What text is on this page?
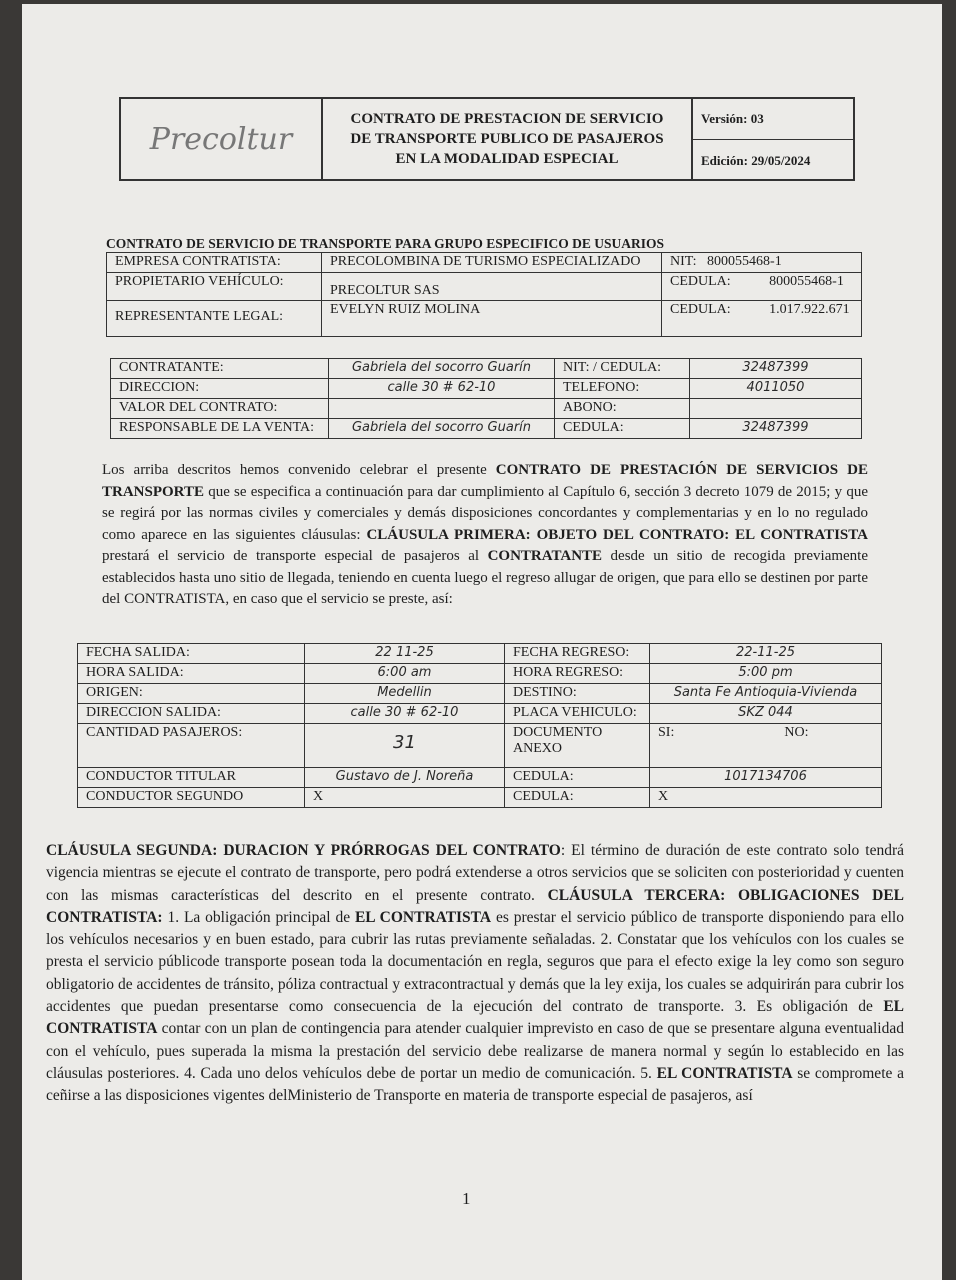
Precoltur
CONTRATO DE PRESTACION DE SERVICIO
DE TRANSPORTE PUBLICO DE PASAJEROS
EN LA MODALIDAD ESPECIAL
Versión: 03
Edición: 29/05/2024
CONTRATO DE SERVICIO DE TRANSPORTE PARA GRUPO ESPECIFICO DE USUARIOS
EMPRESA CONTRATISTA:	PRECOLOMBINA DE TURISMO ESPECIALIZADO	NIT: 800055468-1
PROPIETARIO VEHÍCULO:	PRECOLTUR SAS	CEDULA: 800055468-1
REPRESENTANTE LEGAL:	EVELYN RUIZ MOLINA	CEDULA: 1.017.922.671
CONTRATANTE:	Gabriela del socorro Guarín	NIT: / CEDULA:	32487399
DIRECCION:	calle 30 # 62-10	TELEFONO:	4011050
VALOR DEL CONTRATO:		ABONO:	
RESPONSABLE DE LA VENTA:	Gabriela del socorro Guarín	CEDULA:	32487399
Los arriba descritos hemos convenido celebrar el presente CONTRATO DE PRESTACIÓN DE SERVICIOS DE TRANSPORTE que se especifica a continuación para dar cumplimiento al Capítulo 6, sección 3 decreto 1079 de 2015; y que se regirá por las normas civiles y comerciales y demás disposiciones concordantes y complementarias y en lo no regulado como aparece en las siguientes cláusulas: CLÁUSULA PRIMERA: OBJETO DEL CONTRATO: EL CONTRATISTA prestará el servicio de transporte especial de pasajeros al CONTRATANTE desde un sitio de recogida previamente establecidos hasta uno sitio de llegada, teniendo en cuenta luego el regreso allugar de origen, que para ello se destinen por parte del CONTRATISTA, en caso que el servicio se preste, así:
FECHA SALIDA:	22 11-25	FECHA REGRESO:	22-11-25
HORA SALIDA:	6:00 am	HORA REGRESO:	5:00 pm
ORIGEN:	Medellin	DESTINO:	Santa Fe Antioquia-Vivienda
DIRECCION SALIDA:	calle 30 # 62-10	PLACA VEHICULO:	SKZ 044
CANTIDAD PASAJEROS:	31	DOCUMENTO ANEXO	SI: NO:
CONDUCTOR TITULAR	Gustavo de J. Noreña	CEDULA:	1017134706
CONDUCTOR SEGUNDO	X	CEDULA:	X
CLÁUSULA SEGUNDA: DURACION Y PRÓRROGAS DEL CONTRATO: El término de duración de este contrato solo tendrá vigencia mientras se ejecute el contrato de transporte, pero podrá extenderse a otros servicios que se soliciten con posterioridad y cuenten con las mismas características del descrito en el presente contrato. CLÁUSULA TERCERA: OBLIGACIONES DEL CONTRATISTA: 1. La obligación principal de EL CONTRATISTA es prestar el servicio público de transporte disponiendo para ello los vehículos necesarios y en buen estado, para cubrir las rutas previamente señaladas. 2. Constatar que los vehículos con los cuales se presta el servicio públicode transporte posean toda la documentación en regla, seguros que para el efecto exige la ley como son seguro obligatorio de accidentes de tránsito, póliza contractual y extracontractual y demás que la ley exija, los cuales se adquirirán para cubrir los accidentes que puedan presentarse como consecuencia de la ejecución del contrato de transporte. 3. Es obligación de EL CONTRATISTA contar con un plan de contingencia para atender cualquier imprevisto en caso de que se presentare alguna eventualidad con el vehículo, pues superada la misma la prestación del servicio debe realizarse de manera normal y según lo establecido en las cláusulas posteriores. 4. Cada uno delos vehículos debe de portar un medio de comunicación. 5. EL CONTRATISTA se compromete a ceñirse a las disposiciones vigentes delMinisterio de Transporte en materia de transporte especial de pasajeros, así
1
